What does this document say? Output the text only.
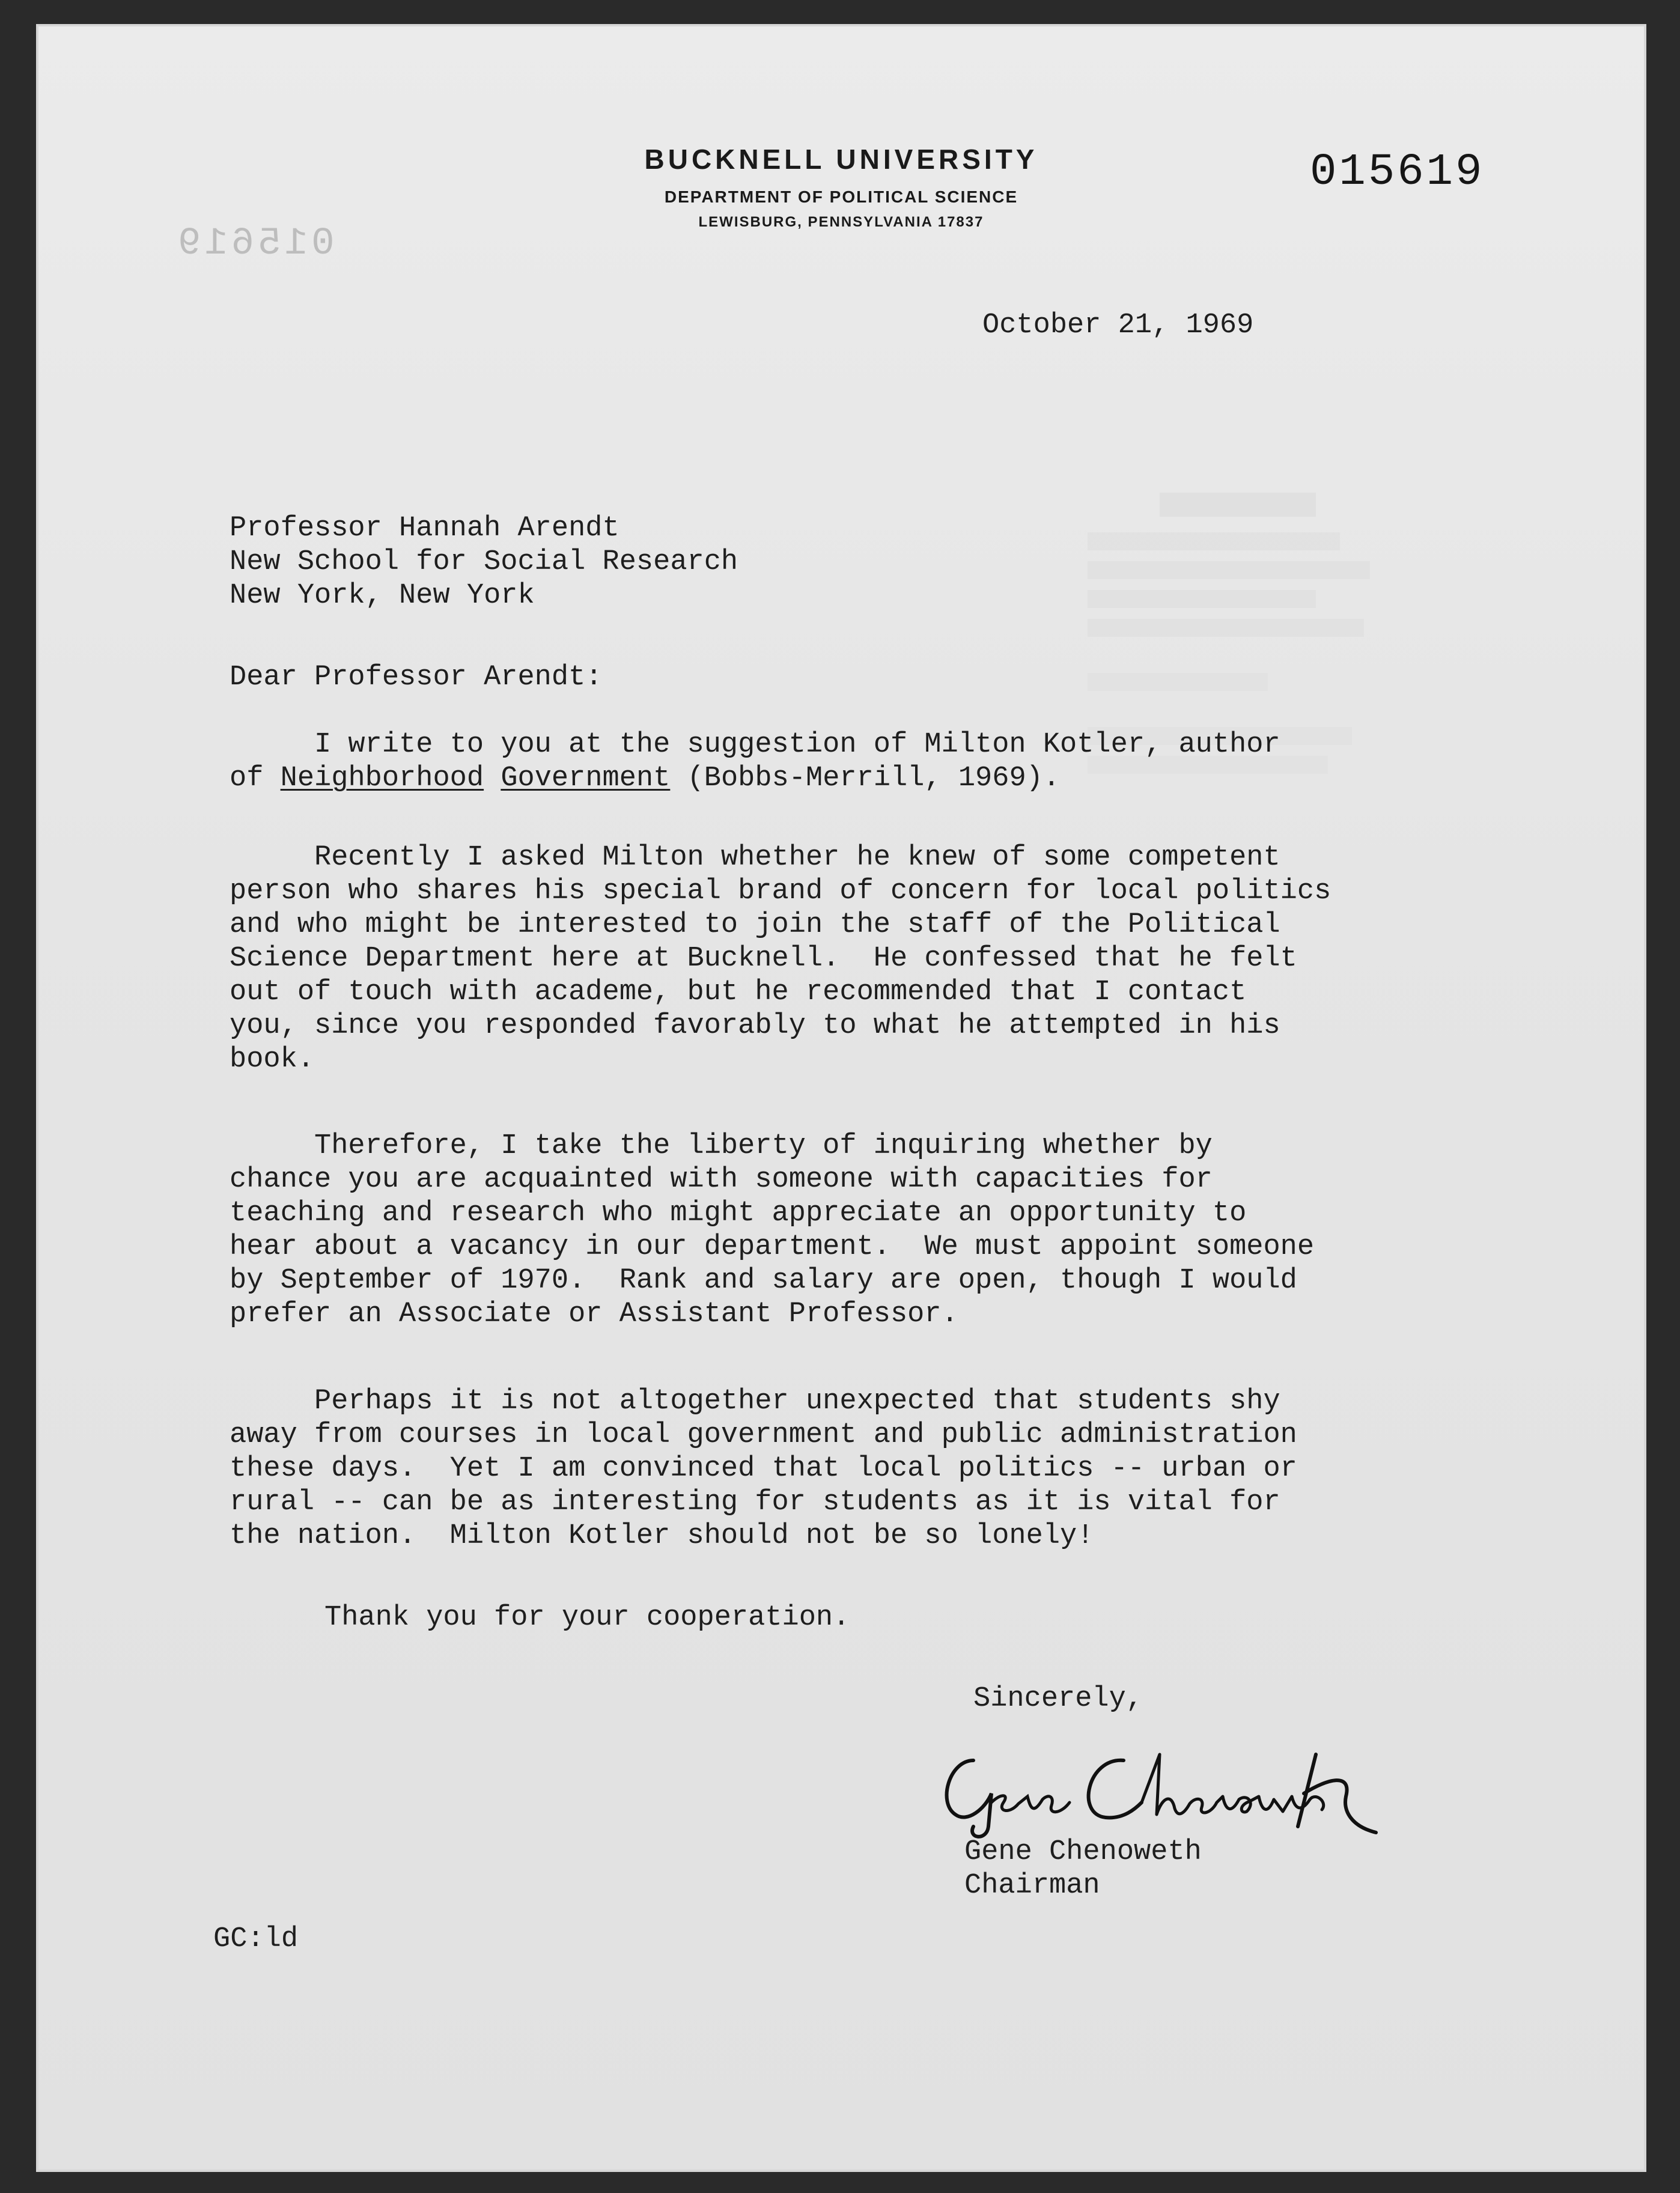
BUCKNELL UNIVERSITY
DEPARTMENT OF POLITICAL SCIENCE
LEWISBURG, PENNSYLVANIA 17837
015619
015619
October 21, 1969
Professor Hannah Arendt
New School for Social Research
New York, New York
Dear Professor Arendt:
I write to you at the suggestion of Milton Kotler, author
of Neighborhood Government (Bobbs-Merrill, 1969).
Recently I asked Milton whether he knew of some competent
person who shares his special brand of concern for local politics
and who might be interested to join the staff of the Political
Science Department here at Bucknell.  He confessed that he felt
out of touch with academe, but he recommended that I contact
you, since you responded favorably to what he attempted in his
book.
Therefore, I take the liberty of inquiring whether by
chance you are acquainted with someone with capacities for
teaching and research who might appreciate an opportunity to
hear about a vacancy in our department.  We must appoint someone
by September of 1970.  Rank and salary are open, though I would
prefer an Associate or Assistant Professor.
Perhaps it is not altogether unexpected that students shy
away from courses in local government and public administration
these days.  Yet I am convinced that local politics -- urban or
rural -- can be as interesting for students as it is vital for
the nation.  Milton Kotler should not be so lonely!
Thank you for your cooperation.
Sincerely,
Gene Chenoweth
Chairman
GC:ld
